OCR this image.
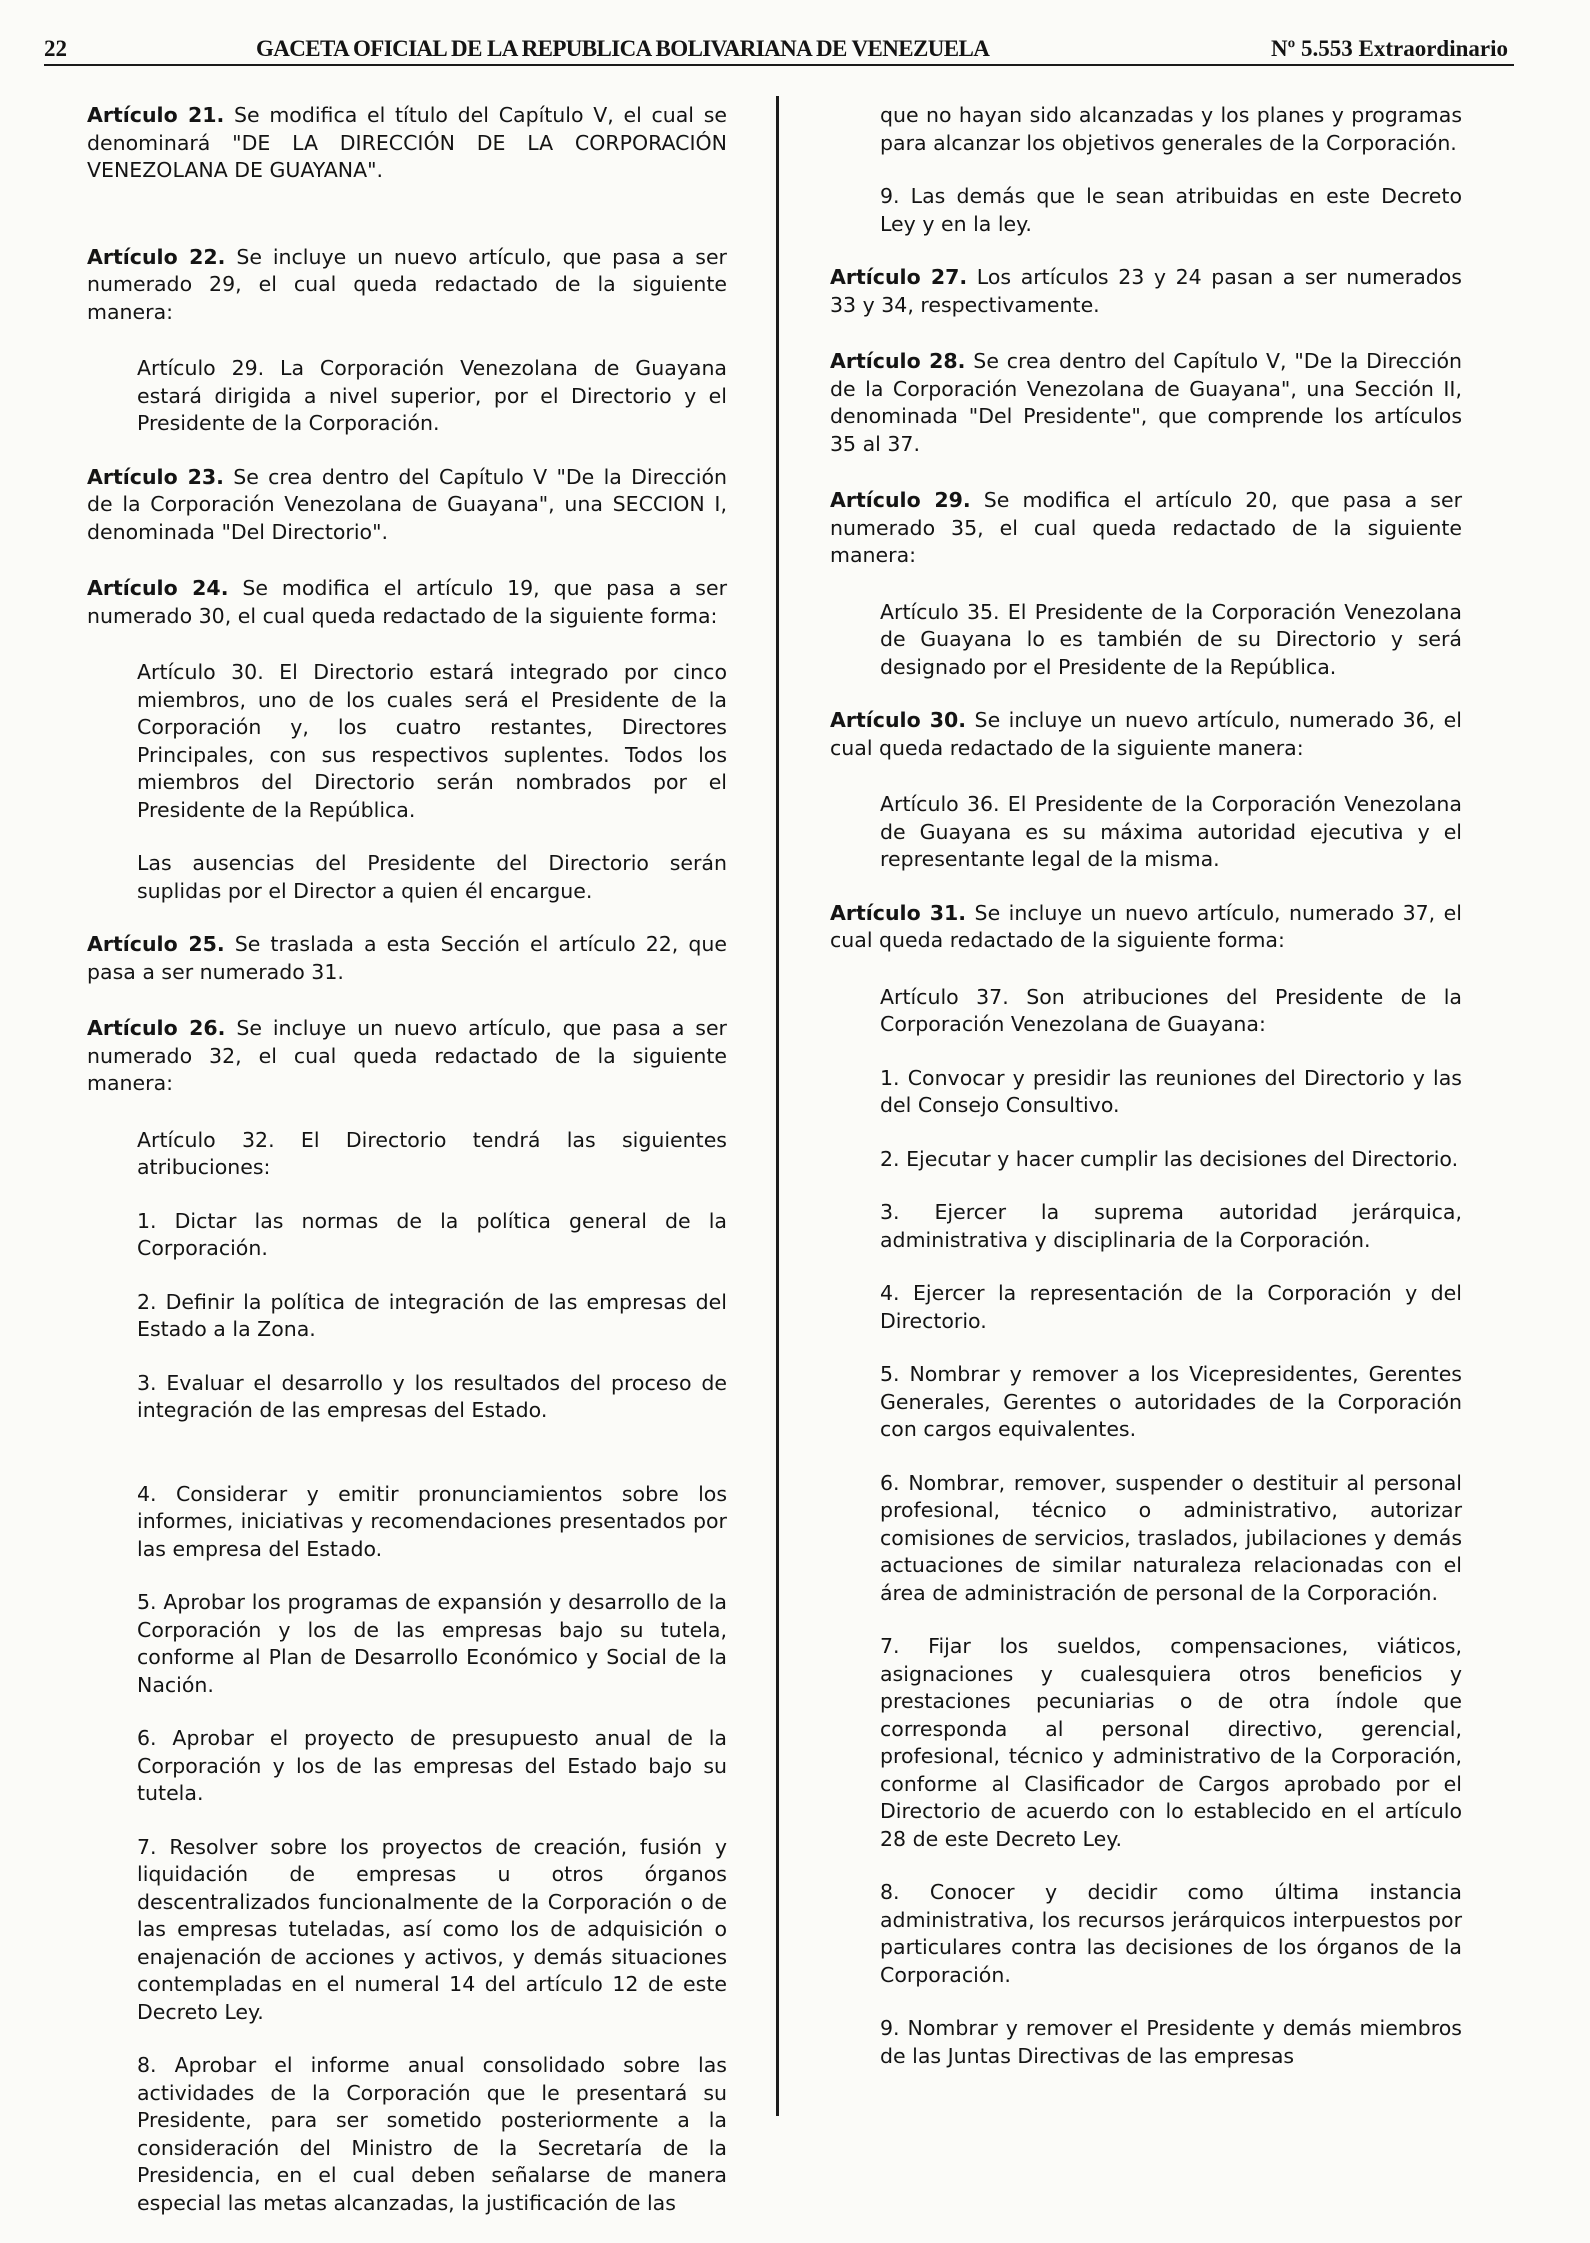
22	GACETA OFICIAL DE LA REPUBLICA BOLIVARIANA DE VENEZUELA	Nº 5.553 Extraordinario

Artículo 21. Se modifica el título del Capítulo V, el cual se denominará "DE LA DIRECCIÓN DE LA CORPORACIÓN VENEZOLANA DE GUAYANA".

Artículo 22. Se incluye un nuevo artículo, que pasa a ser numerado 29, el cual queda redactado de la siguiente manera:

Artículo 29. La Corporación Venezolana de Guayana estará dirigida a nivel superior, por el Directorio y el Presidente de la Corporación.

Artículo 23. Se crea dentro del Capítulo V "De la Dirección de la Corporación Venezolana de Guayana", una SECCION I, denominada "Del Directorio".

Artículo 24. Se modifica el artículo 19, que pasa a ser numerado 30, el cual queda redactado de la siguiente forma:

Artículo 30. El Directorio estará integrado por cinco miembros, uno de los cuales será el Presidente de la Corporación y, los cuatro restantes, Directores Principales, con sus respectivos suplentes. Todos los miembros del Directorio serán nombrados por el Presidente de la República.

Las ausencias del Presidente del Directorio serán suplidas por el Director a quien él encargue.

Artículo 25. Se traslada a esta Sección el artículo 22, que pasa a ser numerado 31.

Artículo 26. Se incluye un nuevo artículo, que pasa a ser numerado 32, el cual queda redactado de la siguiente manera:

Artículo 32. El Directorio tendrá las siguientes atribuciones:

1. Dictar las normas de la política general de la Corporación.

2. Definir la política de integración de las empresas del Estado a la Zona.

3. Evaluar el desarrollo y los resultados del proceso de integración de las empresas del Estado.

4. Considerar y emitir pronunciamientos sobre los informes, iniciativas y recomendaciones presentados por las empresa del Estado.

5. Aprobar los programas de expansión y desarrollo de la Corporación y los de las empresas bajo su tutela, conforme al Plan de Desarrollo Económico y Social de la Nación.

6. Aprobar el proyecto de presupuesto anual de la Corporación y los de las empresas del Estado bajo su tutela.

7. Resolver sobre los proyectos de creación, fusión y liquidación de empresas u otros órganos descentralizados funcionalmente de la Corporación o de las empresas tuteladas, así como los de adquisición o enajenación de acciones y activos, y demás situaciones contempladas en el numeral 14 del artículo 12 de este Decreto Ley.

8. Aprobar el informe anual consolidado sobre las actividades de la Corporación que le presentará su Presidente, para ser sometido posteriormente a la consideración del Ministro de la Secretaría de la Presidencia, en el cual deben señalarse de manera especial las metas alcanzadas, la justificación de las

que no hayan sido alcanzadas y los planes y programas para alcanzar los objetivos generales de la Corporación.

9. Las demás que le sean atribuidas en este Decreto Ley y en la ley.

Artículo 27. Los artículos 23 y 24 pasan a ser numerados 33 y 34, respectivamente.

Artículo 28. Se crea dentro del Capítulo V, "De la Dirección de la Corporación Venezolana de Guayana", una Sección II, denominada "Del Presidente", que comprende los artículos 35 al 37.

Artículo 29. Se modifica el artículo 20, que pasa a ser numerado 35, el cual queda redactado de la siguiente manera:

Artículo 35. El Presidente de la Corporación Venezolana de Guayana lo es también de su Directorio y será designado por el Presidente de la República.

Artículo 30. Se incluye un nuevo artículo, numerado 36, el cual queda redactado de la siguiente manera:

Artículo 36. El Presidente de la Corporación Venezolana de Guayana es su máxima autoridad ejecutiva y el representante legal de la misma.

Artículo 31. Se incluye un nuevo artículo, numerado 37, el cual queda redactado de la siguiente forma:

Artículo 37. Son atribuciones del Presidente de la Corporación Venezolana de Guayana:

1. Convocar y presidir las reuniones del Directorio y las del Consejo Consultivo.

2. Ejecutar y hacer cumplir las decisiones del Directorio.

3. Ejercer la suprema autoridad jerárquica, administrativa y disciplinaria de la Corporación.

4. Ejercer la representación de la Corporación y del Directorio.

5. Nombrar y remover a los Vicepresidentes, Gerentes Generales, Gerentes o autoridades de la Corporación con cargos equivalentes.

6. Nombrar, remover, suspender o destituir al personal profesional, técnico o administrativo, autorizar comisiones de servicios, traslados, jubilaciones y demás actuaciones de similar naturaleza relacionadas con el área de administración de personal de la Corporación.

7. Fijar los sueldos, compensaciones, viáticos, asignaciones y cualesquiera otros beneficios y prestaciones pecuniarias o de otra índole que corresponda al personal directivo, gerencial, profesional, técnico y administrativo de la Corporación, conforme al Clasificador de Cargos aprobado por el Directorio de acuerdo con lo establecido en el artículo 28 de este Decreto Ley.

8. Conocer y decidir como última instancia administrativa, los recursos jerárquicos interpuestos por particulares contra las decisiones de los órganos de la Corporación.

9. Nombrar y remover el Presidente y demás miembros de las Juntas Directivas de las empresas
